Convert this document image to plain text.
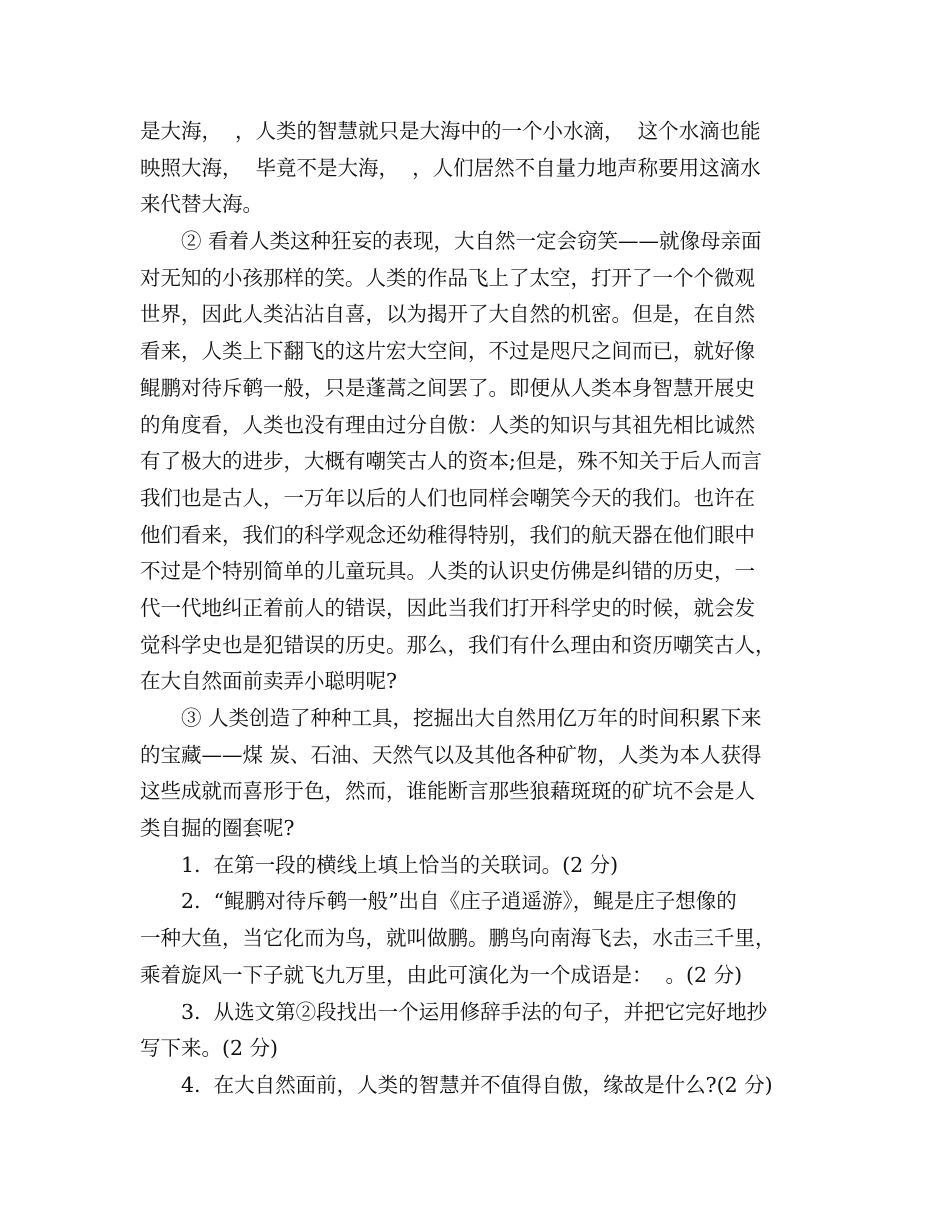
是大海，  ，人类的智慧就只是大海中的一个小水滴，  这个水滴也能
映照大海，  毕竟不是大海，  ，人们居然不自量力地声称要用这滴水
来代替大海。
② 看着人类这种狂妄的表现，大自然一定会窃笑——就像母亲面
对无知的小孩那样的笑。人类的作品飞上了太空，打开了一个个微观
世界，因此人类沾沾自喜，以为揭开了大自然的机密。但是，在自然
看来，人类上下翻飞的这片宏大空间，不过是咫尺之间而已，就好像
鲲鹏对待斥鹌一般，只是蓬蒿之间罢了。即便从人类本身智慧开展史
的角度看，人类也没有理由过分自傲：人类的知识与其祖先相比诚然
有了极大的进步，大概有嘲笑古人的资本;但是，殊不知关于后人而言
我们也是古人，一万年以后的人们也同样会嘲笑今天的我们。也许在
他们看来，我们的科学观念还幼稚得特别，我们的航天器在他们眼中
不过是个特别简单的儿童玩具。人类的认识史仿佛是纠错的历史，一
代一代地纠正着前人的错误，因此当我们打开科学史的时候，就会发
觉科学史也是犯错误的历史。那么，我们有什么理由和资历嘲笑古人，
在大自然面前卖弄小聪明呢?
③ 人类创造了种种工具，挖掘出大自然用亿万年的时间积累下来
的宝藏——煤 炭、石油、天然气以及其他各种矿物，人类为本人获得
这些成就而喜形于色，然而，谁能断言那些狼藉斑斑的矿坑不会是人
类自掘的圈套呢?
1.  在第一段的横线上填上恰当的关联词。(2 分)
2.  “鲲鹏对待斥鹌一般”出自《庄子逍遥游》，鲲是庄子想像的
一种大鱼，当它化而为鸟，就叫做鹏。鹏鸟向南海飞去，水击三千里，
乘着旋风一下子就飞九万里，由此可演化为一个成语是：  。(2 分)
3.  从选文第②段找出一个运用修辞手法的句子，并把它完好地抄
写下来。(2 分)
4.  在大自然面前，人类的智慧并不值得自傲，缘故是什么?(2 分)
